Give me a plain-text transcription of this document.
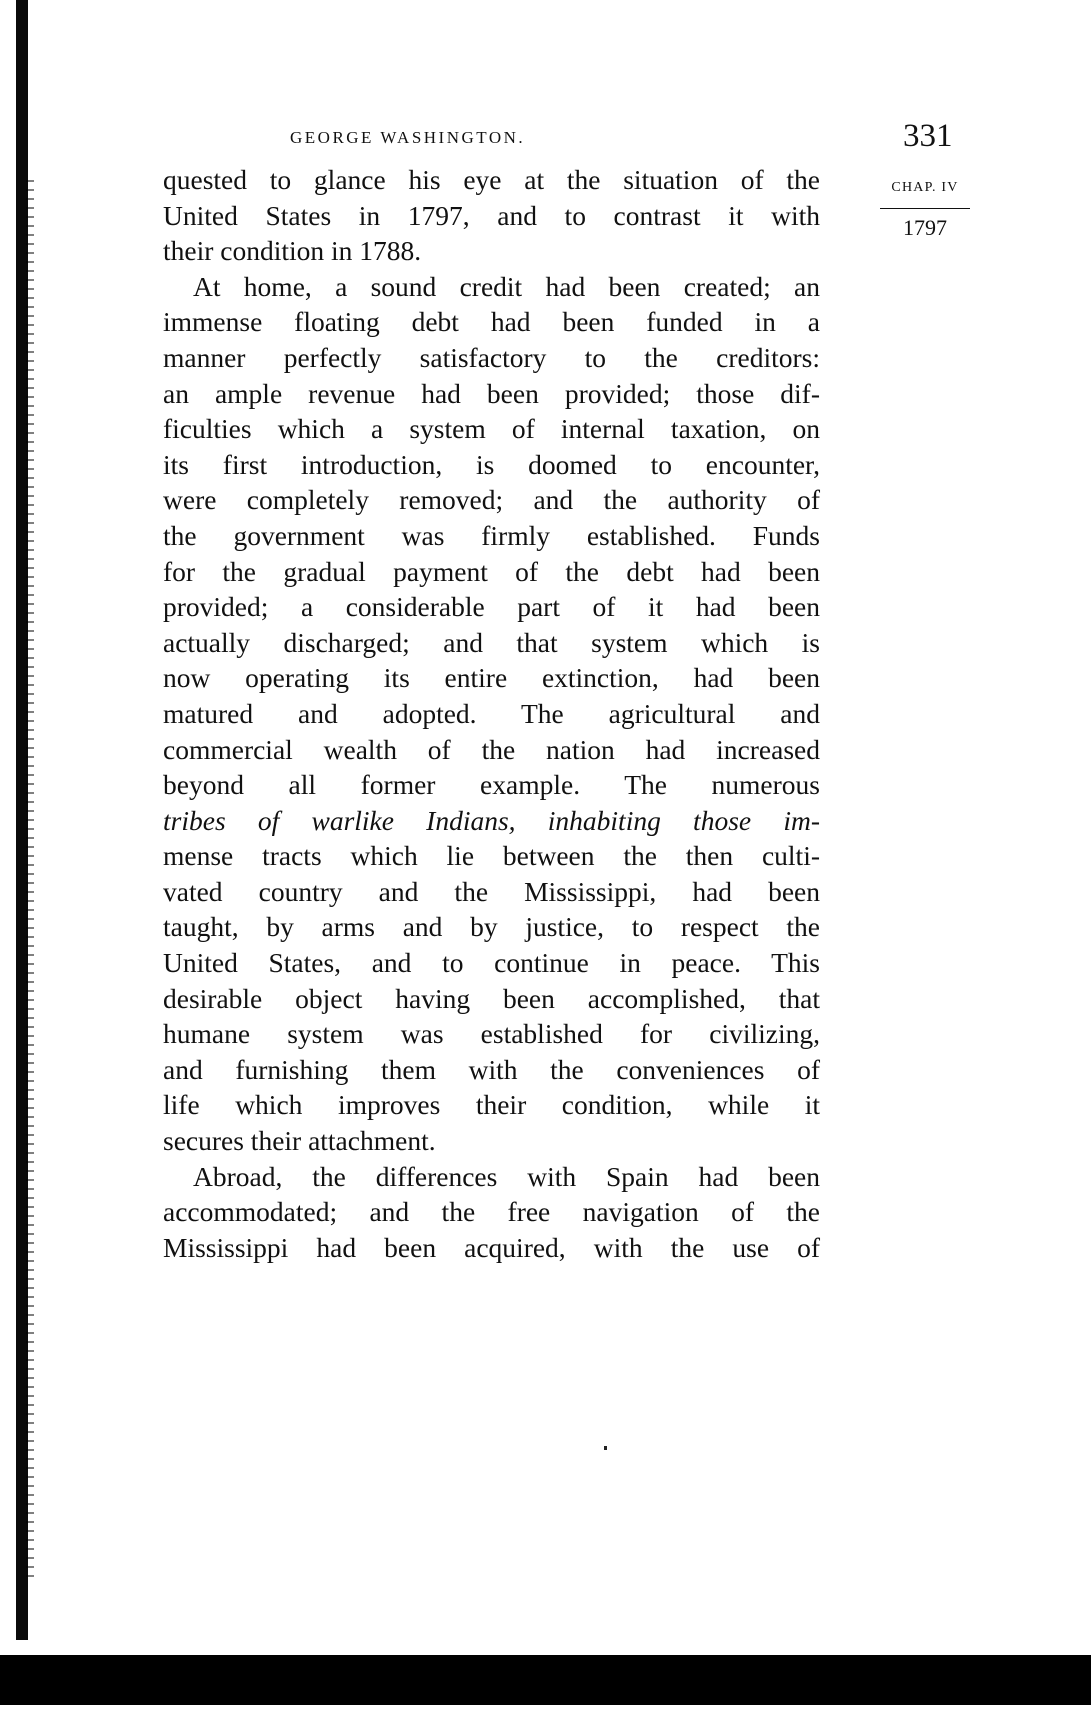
GEORGE WASHINGTON.	331
CHAP. IV
1797
quested to glance his eye at the situation of the
United States in 1797, and to contrast it with
their condition in 1788.
At home, a sound credit had been created; an
immense floating debt had been funded in a
manner perfectly satisfactory to the creditors:
an ample revenue had been provided; those dif-
ficulties which a system of internal taxation, on
its first introduction, is doomed to encounter,
were completely removed; and the authority of
the government was firmly established. Funds
for the gradual payment of the debt had been
provided; a considerable part of it had been
actually discharged; and that system which is
now operating its entire extinction, had been
matured and adopted. The agricultural and
commercial wealth of the nation had increased
beyond all former example. The numerous
tribes of warlike Indians, inhabiting those im-
mense tracts which lie between the then culti-
vated country and the Mississippi, had been
taught, by arms and by justice, to respect the
United States, and to continue in peace. This
desirable object having been accomplished, that
humane system was established for civilizing,
and furnishing them with the conveniences of
life which improves their condition, while it
secures their attachment.
Abroad, the differences with Spain had been
accommodated; and the free navigation of the
Mississippi had been acquired, with the use of
